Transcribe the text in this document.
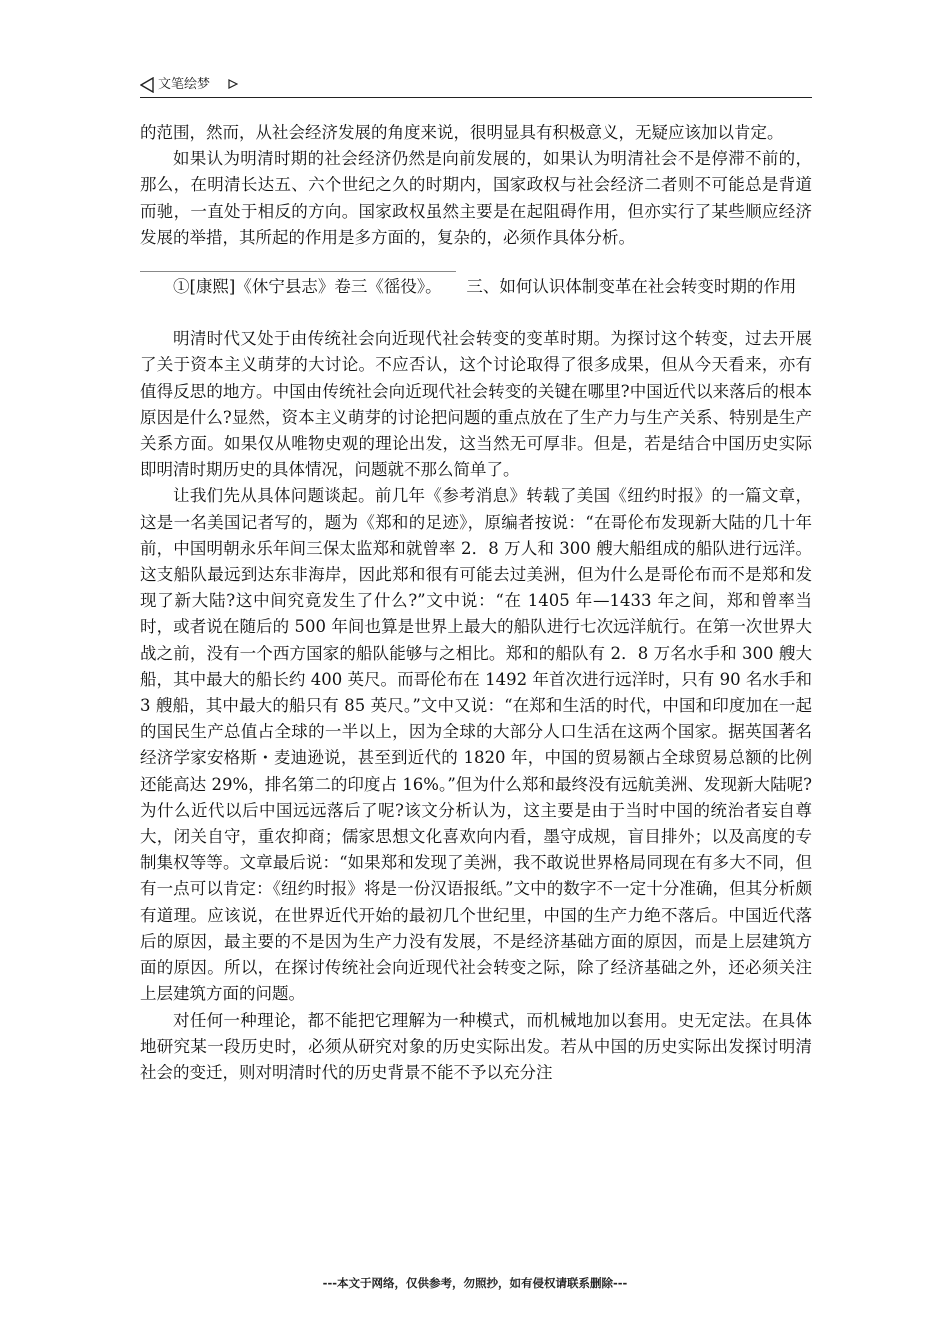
文笔绘梦

的范围，然而，从社会经济发展的角度来说，很明显具有积极意义，无疑应该加以肯定。

如果认为明清时期的社会经济仍然是向前发展的，如果认为明清社会不是停滞不前的，那么，在明清长达五、六个世纪之久的时期内，国家政权与社会经济二者则不可能总是背道而驰，一直处于相反的方向。国家政权虽然主要是在起阻碍作用，但亦实行了某些顺应经济发展的举措，其所起的作用是多方面的，复杂的，必须作具体分析。

①[康熙]《休宁县志》卷三《徭役》。　　三、如何认识体制变革在社会转变时期的作用

明清时代又处于由传统社会向近现代社会转变的变革时期。为探讨这个转变，过去开展了关于资本主义萌芽的大讨论。不应否认，这个讨论取得了很多成果，但从今天看来，亦有值得反思的地方。中国由传统社会向近现代社会转变的关键在哪里?中国近代以来落后的根本原因是什么?显然，资本主义萌芽的讨论把问题的重点放在了生产力与生产关系、特别是生产关系方面。如果仅从唯物史观的理论出发，这当然无可厚非。但是，若是结合中国历史实际即明清时期历史的具体情况，问题就不那么简单了。

让我们先从具体问题谈起。前几年《参考消息》转载了美国《纽约时报》的一篇文章，这是一名美国记者写的，题为《郑和的足迹》，原编者按说：“在哥伦布发现新大陆的几十年前，中国明朝永乐年间三保太监郑和就曾率 2．8 万人和 300 艘大船组成的船队进行远洋。这支船队最远到达东非海岸，因此郑和很有可能去过美洲，但为什么是哥伦布而不是郑和发现了新大陆?这中间究竟发生了什么?”文中说：“在 1405 年—1433 年之间，郑和曾率当时，或者说在随后的 500 年间也算是世界上最大的船队进行七次远洋航行。在第一次世界大战之前，没有一个西方国家的船队能够与之相比。郑和的船队有 2．8 万名水手和 300 艘大船，其中最大的船长约 400 英尺。而哥伦布在 1492 年首次进行远洋时，只有 90 名水手和 3 艘船，其中最大的船只有 85 英尺。”文中又说：“在郑和生活的时代，中国和印度加在一起的国民生产总值占全球的一半以上，因为全球的大部分人口生活在这两个国家。据英国著名经济学家安格斯・麦迪逊说，甚至到近代的 1820 年，中国的贸易额占全球贸易总额的比例还能高达 29%，排名第二的印度占 16%。”但为什么郑和最终没有远航美洲、发现新大陆呢?为什么近代以后中国远远落后了呢?该文分析认为，这主要是由于当时中国的统治者妄自尊大，闭关自守，重农抑商；儒家思想文化喜欢向内看，墨守成规，盲目排外；以及高度的专制集权等等。文章最后说：“如果郑和发现了美洲，我不敢说世界格局同现在有多大不同，但有一点可以肯定：《纽约时报》将是一份汉语报纸。”文中的数字不一定十分准确，但其分析颇有道理。应该说，在世界近代开始的最初几个世纪里，中国的生产力绝不落后。中国近代落后的原因，最主要的不是因为生产力没有发展，不是经济基础方面的原因，而是上层建筑方面的原因。所以，在探讨传统社会向近现代社会转变之际，除了经济基础之外，还必须关注上层建筑方面的问题。

对任何一种理论，都不能把它理解为一种模式，而机械地加以套用。史无定法。在具体地研究某一段历史时，必须从研究对象的历史实际出发。若从中国的历史实际出发探讨明清社会的变迁，则对明清时代的历史背景不能不予以充分注

---本文于网络，仅供参考，勿照抄，如有侵权请联系删除---
